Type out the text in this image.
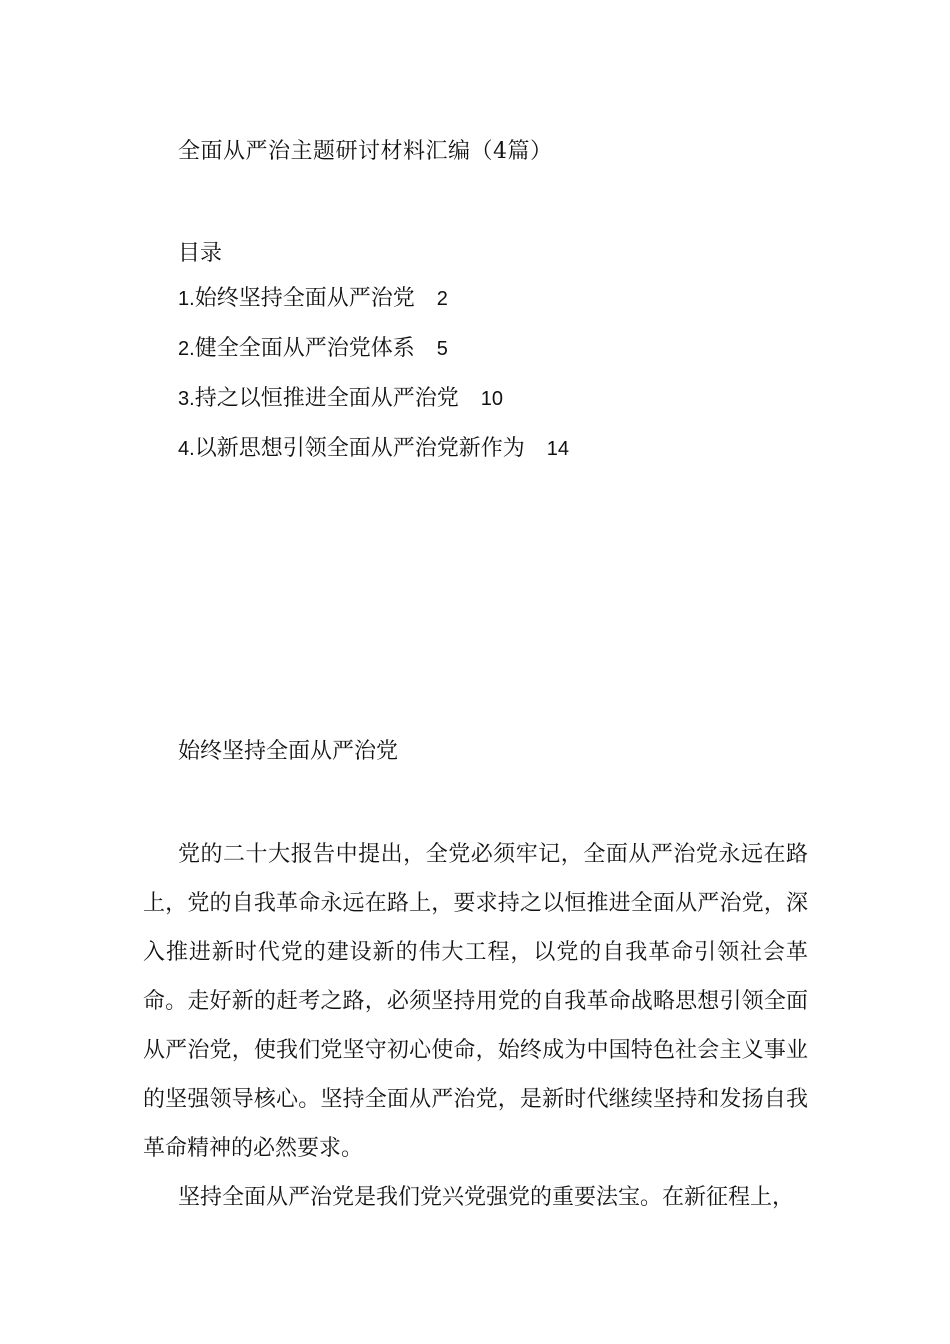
全面从严治主题研讨材料汇编（4篇）
目录
1. 始终坚持全面从严治党 2
2. 健全全面从严治党体系 5
3. 持之以恒推进全面从严治党 10
4. 以新思想引领全面从严治党新作为 14
始终坚持全面从严治党

党的二十大报告中提出，全党必须牢记，全面从严治党永远在路上，党的自我革命永远在路上，要求持之以恒推进全面从严治党，深入推进新时代党的建设新的伟大工程，以党的自我革命引领社会革命。走好新的赶考之路，必须坚持用党的自我革命战略思想引领全面从严治党，使我们党坚守初心使命，始终成为中国特色社会主义事业的坚强领导核心。坚持全面从严治党，是新时代继续坚持和发扬自我革命精神的必然要求。

坚持全面从严治党是我们党兴党强党的重要法宝。在新征程上，
